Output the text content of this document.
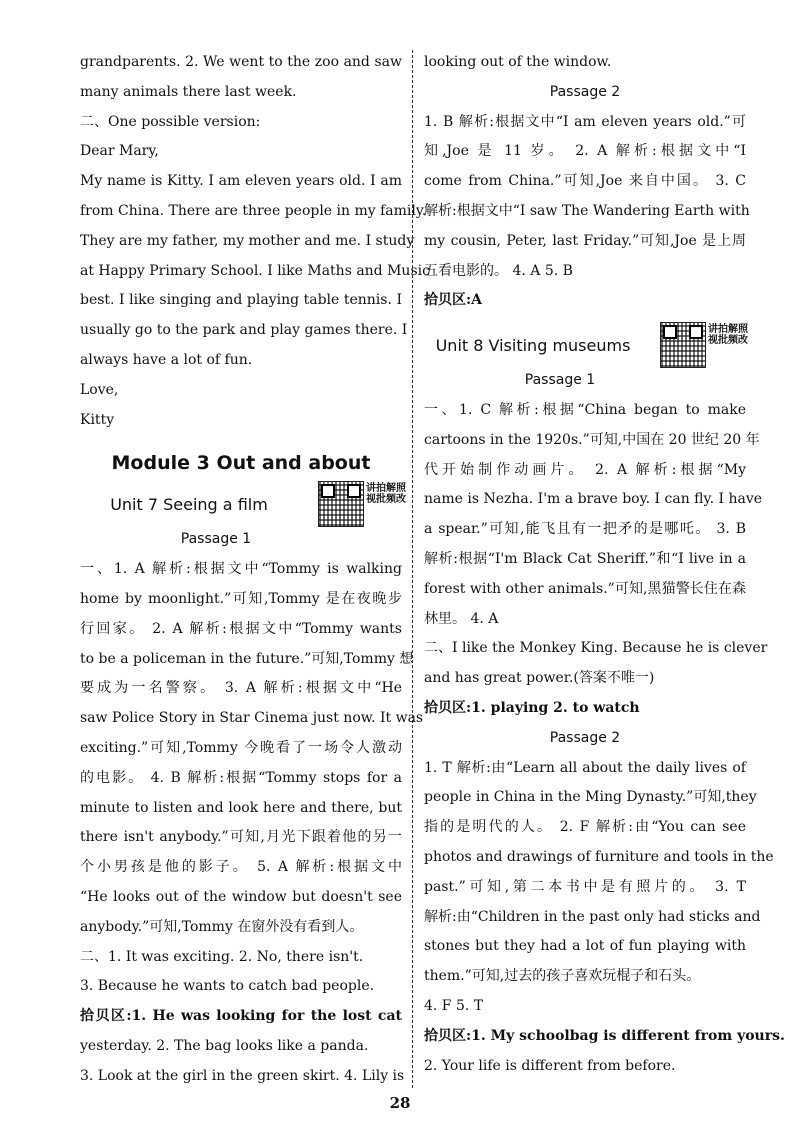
grandparents. 2. We went to the zoo and saw
many animals there last week.
二、One possible version:
Dear Mary,
My name is Kitty. I am eleven years old. I am
from China. There are three people in my family.
They are my father, my mother and me. I study
at Happy Primary School. I like Maths and Music
best. I like singing and playing table tennis. I
usually go to the park and play games there. I
always have a lot of fun.
Love,
Kitty
Module 3 Out and about
Unit 7 Seeing a film
讲拍解照视批频改
Passage 1
一、1. A 解析:根据文中“Tommy is walking
home by moonlight.”可知,Tommy 是在夜晚步
行回家。 2. A 解析:根据文中“Tommy wants
to be a policeman in the future.”可知,Tommy 想
要成为一名警察。 3. A 解析:根据文中“He
saw Police Story in Star Cinema just now. It was
exciting.”可知,Tommy 今晚看了一场令人激动
的电影。 4. B 解析:根据“Tommy stops for a
minute to listen and look here and there, but
there isn't anybody.”可知,月光下跟着他的另一
个小男孩是他的影子。 5. A 解析:根据文中
“He looks out of the window but doesn't see
anybody.”可知,Tommy 在窗外没有看到人。
二、1. It was exciting. 2. No, there isn't.
3. Because he wants to catch bad people.
拾贝区:1. He was looking for the lost cat
yesterday. 2. The bag looks like a panda.
3. Look at the girl in the green skirt. 4. Lily is
looking out of the window.
Passage 2
1. B 解析:根据文中“I am eleven years old.”可
知,Joe 是 11 岁。 2. A 解析:根据文中“I
come from China.”可知,Joe 来自中国。 3. C
解析:根据文中“I saw The Wandering Earth with
my cousin, Peter, last Friday.”可知,Joe 是上周
五看电影的。 4. A 5. B
拾贝区:A
Unit 8 Visiting museums
讲拍解照视批频改
Passage 1
一、1. C 解析:根据“China began to make
cartoons in the 1920s.”可知,中国在 20 世纪 20 年
代开始制作动画片。 2. A 解析:根据“My
name is Nezha. I'm a brave boy. I can fly. I have
a spear.”可知,能飞且有一把矛的是哪吒。 3. B
解析:根据“I'm Black Cat Sheriff.”和“I live in a
forest with other animals.”可知,黑猫警长住在森
林里。 4. A
二、I like the Monkey King. Because he is clever
and has great power.(答案不唯一)
拾贝区:1. playing 2. to watch
Passage 2
1. T 解析:由“Learn all about the daily lives of
people in China in the Ming Dynasty.”可知,they
指的是明代的人。 2. F 解析:由“You can see
photos and drawings of furniture and tools in the
past.”可知,第二本书中是有照片的。 3. T
解析:由“Children in the past only had sticks and
stones but they had a lot of fun playing with
them.”可知,过去的孩子喜欢玩棍子和石头。
4. F 5. T
拾贝区:1. My schoolbag is different from yours.
2. Your life is different from before.
28
